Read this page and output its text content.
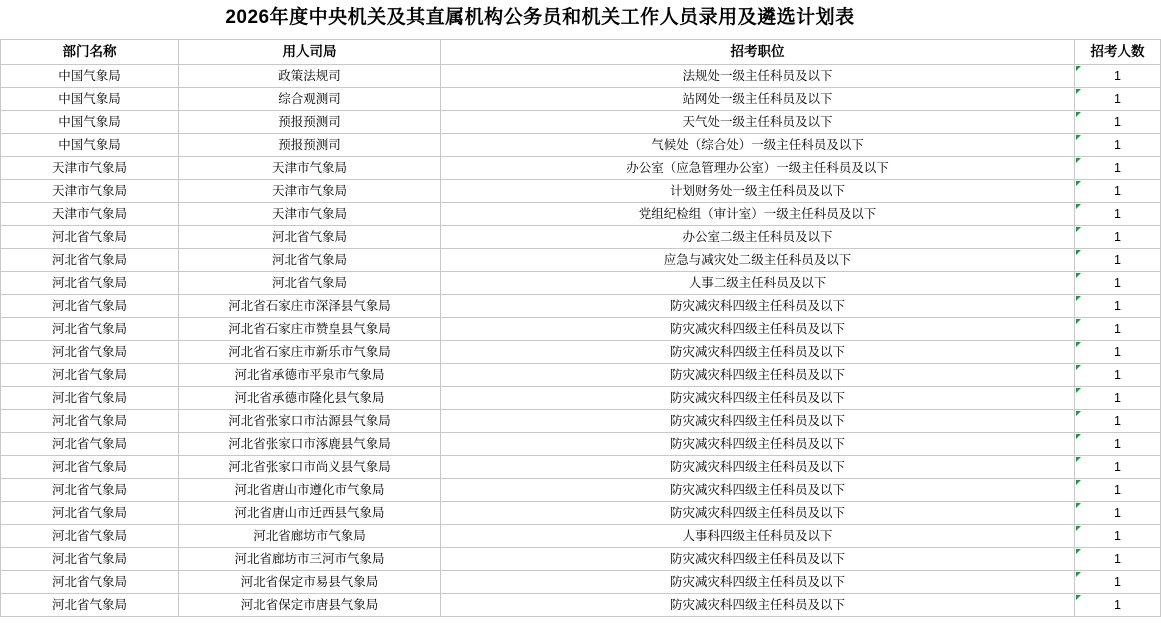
2026年度中央机关及其直属机构公务员和机关工作人员录用及遴选计划表
部门名称	用人司局	招考职位	招考人数
中国气象局	政策法规司	法规处一级主任科员及以下	1
中国气象局	综合观测司	站网处一级主任科员及以下	1
中国气象局	预报预测司	天气处一级主任科员及以下	1
中国气象局	预报预测司	气候处（综合处）一级主任科员及以下	1
天津市气象局	天津市气象局	办公室（应急管理办公室）一级主任科员及以下	1
天津市气象局	天津市气象局	计划财务处一级主任科员及以下	1
天津市气象局	天津市气象局	党组纪检组（审计室）一级主任科员及以下	1
河北省气象局	河北省气象局	办公室二级主任科员及以下	1
河北省气象局	河北省气象局	应急与减灾处二级主任科员及以下	1
河北省气象局	河北省气象局	人事二级主任科员及以下	1
河北省气象局	河北省石家庄市深泽县气象局	防灾减灾科四级主任科员及以下	1
河北省气象局	河北省石家庄市赞皇县气象局	防灾减灾科四级主任科员及以下	1
河北省气象局	河北省石家庄市新乐市气象局	防灾减灾科四级主任科员及以下	1
河北省气象局	河北省承德市平泉市气象局	防灾减灾科四级主任科员及以下	1
河北省气象局	河北省承德市隆化县气象局	防灾减灾科四级主任科员及以下	1
河北省气象局	河北省张家口市沽源县气象局	防灾减灾科四级主任科员及以下	1
河北省气象局	河北省张家口市涿鹿县气象局	防灾减灾科四级主任科员及以下	1
河北省气象局	河北省张家口市尚义县气象局	防灾减灾科四级主任科员及以下	1
河北省气象局	河北省唐山市遵化市气象局	防灾减灾科四级主任科员及以下	1
河北省气象局	河北省唐山市迁西县气象局	防灾减灾科四级主任科员及以下	1
河北省气象局	河北省廊坊市气象局	人事科四级主任科员及以下	1
河北省气象局	河北省廊坊市三河市气象局	防灾减灾科四级主任科员及以下	1
河北省气象局	河北省保定市易县气象局	防灾减灾科四级主任科员及以下	1
河北省气象局	河北省保定市唐县气象局	防灾减灾科四级主任科员及以下	1
